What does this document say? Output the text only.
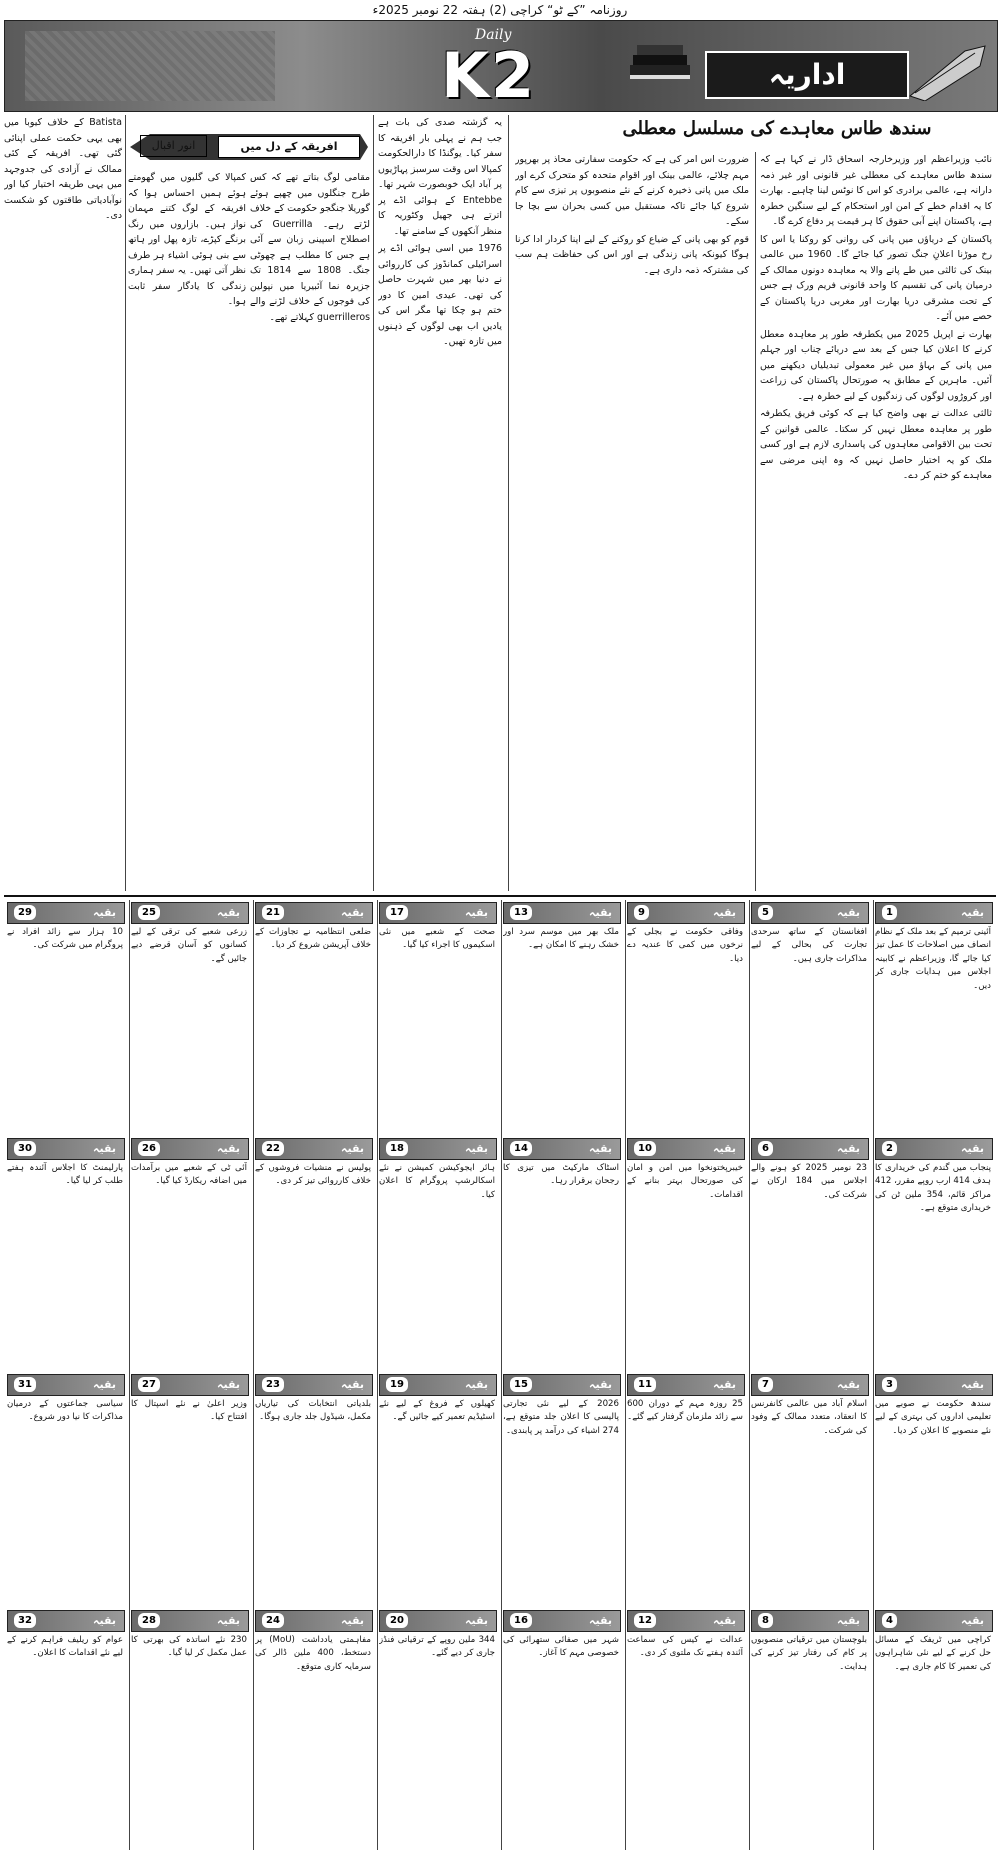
روزنامہ ”کے ٹو“ کراچی (2) ہفتہ 22 نومبر 2025ء
Daily
K2	اداریہ
سندھ طاس معاہدے کی مسلسل معطلی

نائب وزیراعظم اور وزیرخارجہ اسحاق ڈار نے کہا ہے کہ سندھ طاس معاہدے کی معطلی غیر قانونی اور غیر ذمہ دارانہ ہے، عالمی برادری کو اس کا نوٹس لینا چاہیے۔ بھارت کا یہ اقدام خطے کے امن اور استحکام کے لیے سنگین خطرہ ہے، پاکستان اپنے آبی حقوق کا ہر قیمت پر دفاع کرے گا۔

پاکستان کے دریاؤں میں پانی کی روانی کو روکنا یا اس کا رخ موڑنا اعلانِ جنگ تصور کیا جائے گا۔ 1960 میں عالمی بینک کی ثالثی میں طے پانے والا یہ معاہدہ دونوں ممالک کے درمیان پانی کی تقسیم کا واحد قانونی فریم ورک ہے جس کے تحت مشرقی دریا بھارت اور مغربی دریا پاکستان کے حصے میں آئے۔

بھارت نے اپریل 2025 میں یکطرفہ طور پر معاہدہ معطل کرنے کا اعلان کیا جس کے بعد سے دریائے چناب اور جہلم میں پانی کے بہاؤ میں غیر معمولی تبدیلیاں دیکھنے میں آئیں۔ ماہرین کے مطابق یہ صورتحال پاکستان کی زراعت اور کروڑوں لوگوں کی زندگیوں کے لیے خطرہ ہے۔

ثالثی عدالت نے بھی واضح کیا ہے کہ کوئی فریق یکطرفہ طور پر معاہدہ معطل نہیں کر سکتا۔ عالمی قوانین کے تحت بین الاقوامی معاہدوں کی پاسداری لازم ہے اور کسی ملک کو یہ اختیار حاصل نہیں کہ وہ اپنی مرضی سے معاہدے کو ختم کر دے۔

ضرورت اس امر کی ہے کہ حکومت سفارتی محاذ پر بھرپور مہم چلائے، عالمی بینک اور اقوام متحدہ کو متحرک کرے اور ملک میں پانی ذخیرہ کرنے کے نئے منصوبوں پر تیزی سے کام شروع کیا جائے تاکہ مستقبل میں کسی بحران سے بچا جا سکے۔

قوم کو بھی پانی کے ضیاع کو روکنے کے لیے اپنا کردار ادا کرنا ہوگا کیونکہ پانی زندگی ہے اور اس کی حفاظت ہم سب کی مشترکہ ذمہ داری ہے۔

یہ گزشتہ صدی کی بات ہے جب ہم نے پہلی بار افریقہ کا سفر کیا۔ یوگنڈا کا دارالحکومت کمپالا اس وقت سرسبز پہاڑیوں پر آباد ایک خوبصورت شہر تھا۔ Entebbe کے ہوائی اڈے پر اترتے ہی جھیل وکٹوریہ کا منظر آنکھوں کے سامنے تھا۔

1976 میں اسی ہوائی اڈے پر اسرائیلی کمانڈوز کی کارروائی نے دنیا بھر میں شہرت حاصل کی تھی۔ عیدی امین کا دور ختم ہو چکا تھا مگر اس کی یادیں اب بھی لوگوں کے ذہنوں میں تازہ تھیں۔

افریقہ کے دل میں
انور اقبال

مقامی لوگ بتاتے تھے کہ کس طرح جنگلوں میں چھپے ہوئے گوریلا جنگجو حکومت کے خلاف لڑتے رہے۔ Guerrilla کی اصطلاح اسپینی زبان سے آئی ہے جس کا مطلب ہے چھوٹی جنگ۔ 1808 سے 1814 تک جزیرہ نما آئبیریا میں نپولین کی فوجوں کے خلاف لڑنے والے guerrilleros کہلاتے تھے۔

کمپالا کی گلیوں میں گھومتے ہوئے ہمیں احساس ہوا کہ افریقہ کے لوگ کتنے مہمان نواز ہیں۔ بازاروں میں رنگ برنگے کپڑے، تازہ پھل اور ہاتھ سے بنی ہوئی اشیاء ہر طرف نظر آتی تھیں۔ یہ سفر ہماری زندگی کا یادگار سفر ثابت ہوا۔

Batista کے خلاف کیوبا میں بھی یہی حکمت عملی اپنائی گئی تھی۔ افریقہ کے کئی ممالک نے آزادی کی جدوجہد میں یہی طریقہ اختیار کیا اور نوآبادیاتی طاقتوں کو شکست دی۔

بقیہ
1
آئینی ترمیم کے بعد ملک کے نظام انصاف میں اصلاحات کا عمل تیز کیا جائے گا، وزیراعظم نے کابینہ اجلاس میں ہدایات جاری کر دیں۔
بقیہ
2
پنجاب میں گندم کی خریداری کا ہدف 414 ارب روپے مقرر، 412 مراکز قائم، 354 ملین ٹن کی خریداری متوقع ہے۔
بقیہ
3
سندھ حکومت نے صوبے میں تعلیمی اداروں کی بہتری کے لیے نئے منصوبے کا اعلان کر دیا۔
بقیہ
4
کراچی میں ٹریفک کے مسائل حل کرنے کے لیے نئی شاہراہوں کی تعمیر کا کام جاری ہے۔
بقیہ
5
افغانستان کے ساتھ سرحدی تجارت کی بحالی کے لیے مذاکرات جاری ہیں۔
بقیہ
6
23 نومبر 2025 کو ہونے والے اجلاس میں 184 ارکان نے شرکت کی۔
بقیہ
7
اسلام آباد میں عالمی کانفرنس کا انعقاد، متعدد ممالک کے وفود کی شرکت۔
بقیہ
8
بلوچستان میں ترقیاتی منصوبوں پر کام کی رفتار تیز کرنے کی ہدایت۔
بقیہ
9
وفاقی حکومت نے بجلی کے نرخوں میں کمی کا عندیہ دے دیا۔
بقیہ
10
خیبرپختونخوا میں امن و امان کی صورتحال بہتر بنانے کے اقدامات۔
بقیہ
11
25 روزہ مہم کے دوران 600 سے زائد ملزمان گرفتار کیے گئے۔
بقیہ
12
عدالت نے کیس کی سماعت آئندہ ہفتے تک ملتوی کر دی۔
بقیہ
13
ملک بھر میں موسم سرد اور خشک رہنے کا امکان ہے۔
بقیہ
14
اسٹاک مارکیٹ میں تیزی کا رجحان برقرار رہا۔
بقیہ
15
2026 کے لیے نئی تجارتی پالیسی کا اعلان جلد متوقع ہے، 274 اشیاء کی درآمد پر پابندی۔
بقیہ
16
شہر میں صفائی ستھرائی کی خصوصی مہم کا آغاز۔
بقیہ
17
صحت کے شعبے میں نئی اسکیموں کا اجراء کیا گیا۔
بقیہ
18
ہائر ایجوکیشن کمیشن نے نئے اسکالرشپ پروگرام کا اعلان کیا۔
بقیہ
19
کھیلوں کے فروغ کے لیے نئے اسٹیڈیم تعمیر کیے جائیں گے۔
بقیہ
20
344 ملین روپے کے ترقیاتی فنڈز جاری کر دیے گئے۔
بقیہ
21
ضلعی انتظامیہ نے تجاوزات کے خلاف آپریشن شروع کر دیا۔
بقیہ
22
پولیس نے منشیات فروشوں کے خلاف کارروائی تیز کر دی۔
بقیہ
23
بلدیاتی انتخابات کی تیاریاں مکمل، شیڈول جلد جاری ہوگا۔
بقیہ
24
مفاہمتی یادداشت (MoU) پر دستخط، 400 ملین ڈالر کی سرمایہ کاری متوقع۔
بقیہ
25
زرعی شعبے کی ترقی کے لیے کسانوں کو آسان قرضے دیے جائیں گے۔
بقیہ
26
آئی ٹی کے شعبے میں برآمدات میں اضافہ ریکارڈ کیا گیا۔
بقیہ
27
وزیر اعلیٰ نے نئے اسپتال کا افتتاح کیا۔
بقیہ
28
230 نئے اساتذہ کی بھرتی کا عمل مکمل کر لیا گیا۔
بقیہ
29
10 ہزار سے زائد افراد نے پروگرام میں شرکت کی۔
بقیہ
30
پارلیمنٹ کا اجلاس آئندہ ہفتے طلب کر لیا گیا۔
بقیہ
31
سیاسی جماعتوں کے درمیان مذاکرات کا نیا دور شروع۔
بقیہ
32
عوام کو ریلیف فراہم کرنے کے لیے نئے اقدامات کا اعلان۔
